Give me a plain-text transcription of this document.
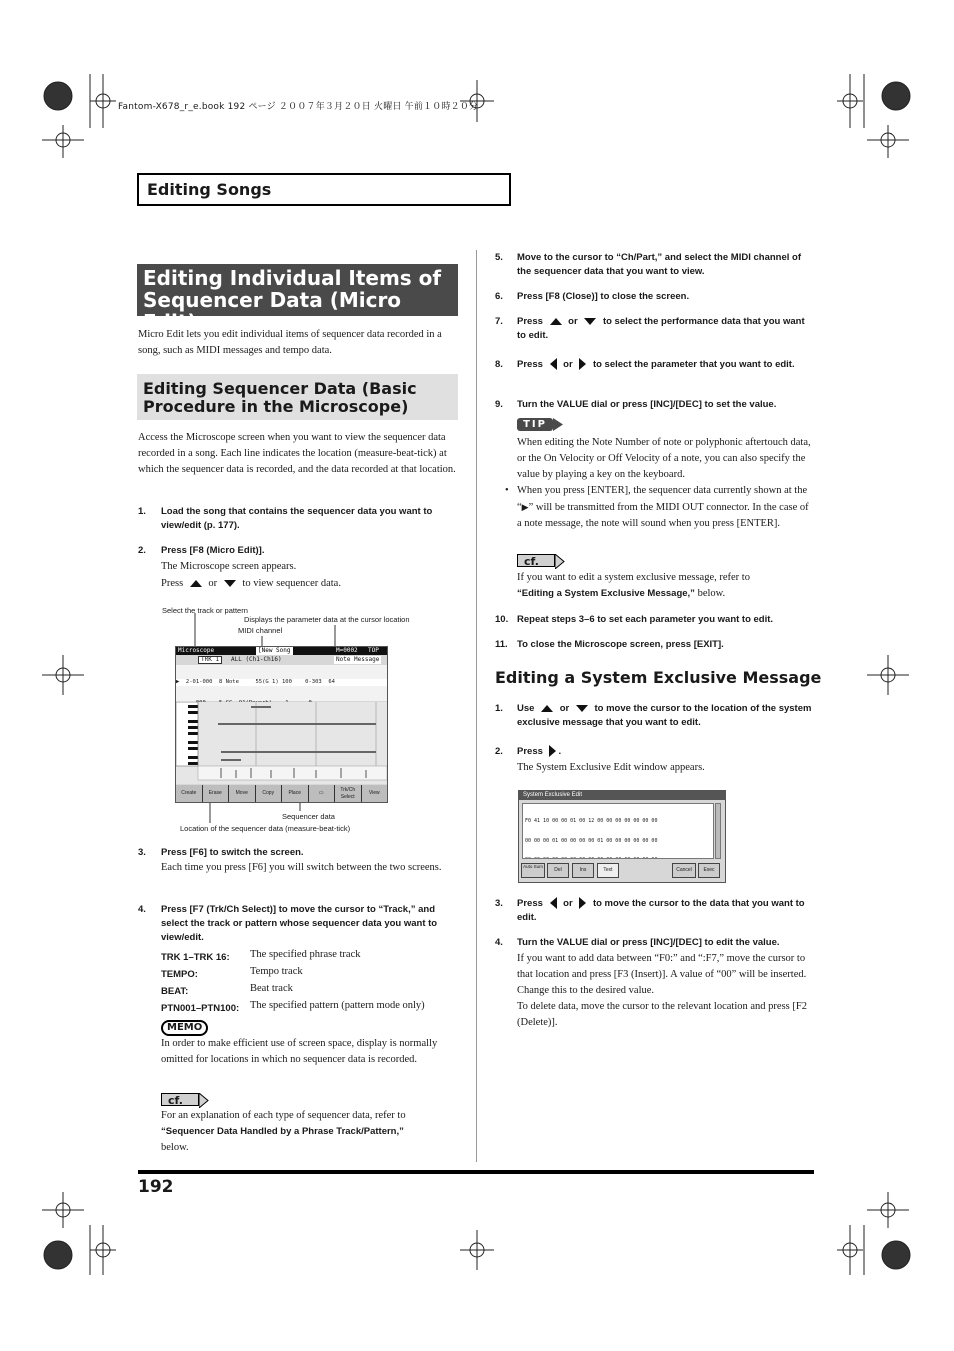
Fantom-X678_r_e.book 192 ページ ２００７年３月２０日 火曜日 午前１０時２０分
Editing Songs
Editing Individual Items of
Sequencer Data (Micro Edit)
Micro Edit lets you edit individual items of sequencer data recorded in a song, such as MIDI messages and tempo data.
Editing Sequencer Data (Basic
Procedure in the Microscope)
Access the Microscope screen when you want to view the sequencer data recorded in a song. Each line indicates the location (measure-beat-tick) at which the sequencer data is recorded, and the data recorded at that location.
1. Load the song that contains the sequencer data you want to view/edit (p. 177).
2. Press [F8 (Micro Edit)].
The Microscope screen appears.
Press or to view sequencer data.
Select the track or pattern
Displays the parameter data at the cursor location
MIDI channel
Microscope	[New Song	M=0002 TOP
TRK 1	ALL (Ch1-Ch16)	Note Message

▶  2-01-000  8 Note     55(G 1) 100    0-303  64

Create	Erase	Move	Copy	Place	▭	Trk/Ch Select
View
Sequencer data
Location of the sequencer data (measure-beat-tick)
3. Press [F6] to switch the screen.
Each time you press [F6] you will switch between the two screens.
4. Press [F7 (Trk/Ch Select)] to move the cursor to “Track,” and select the track or pattern whose sequencer data you want to view/edit.
TRK 1–TRK 16: The specified phrase track
TEMPO:	Tempo track
BEAT:	Beat track
PTN001–PTN100: The specified pattern (pattern mode only)
MEMO
In order to make efficient use of screen space, display is normally omitted for locations in which no sequencer data is recorded.
cf.
For an explanation of each type of sequencer data, refer to
“Sequencer Data Handled by a Phrase Track/Pattern,”
below.
5. Move to the cursor to “Ch/Part,” and select the MIDI channel of the sequencer data that you want to view.
6. Press [F8 (Close)] to close the screen.
7. Press	or	to select the performance data that you want to edit.
8. Press or to select the parameter that you want to edit.
9. Turn the VALUE dial or press [INC]/[DEC] to set the value.
TIP
When editing the Note Number of note or polyphonic aftertouch data, or the On Velocity or Off Velocity of a note, you can also specify the value by playing a key on the keyboard.
• When you press [ENTER], the sequencer data currently shown at the “▶” will be transmitted from the MIDI OUT connector. In the case of a note message, the note will sound when you press [ENTER].
cf.
If you want to edit a system exclusive message, refer to
“Editing a System Exclusive Message,” below.
10. Repeat steps 3–6 to set each parameter you want to edit.
11. To close the Microscope screen, press [EXIT].
Editing a System Exclusive Message
1. Use	or	to move the cursor to the location of the system exclusive message that you want to edit.
2. Press .
The System Exclusive Edit window appears.
System Exclusive Edit

F0 41 10 00 00 01 00 12 00 00 00 00 00 00 00

00 00 00 01 00 00 00 00 01 00 00 00 00 00 00

Auto Sum
Del	Ins	Text	Cancel	Exec
3. Press or to move the cursor to the data that you want to edit.
4. Turn the VALUE dial or press [INC]/[DEC] to edit the value.
If you want to add data between “F0:” and “:F7,” move the cursor to that location and press [F3 (Insert)]. A value of “00” will be inserted. Change this to the desired value.
To delete data, move the cursor to the relevant location and press [F2 (Delete)].
192
